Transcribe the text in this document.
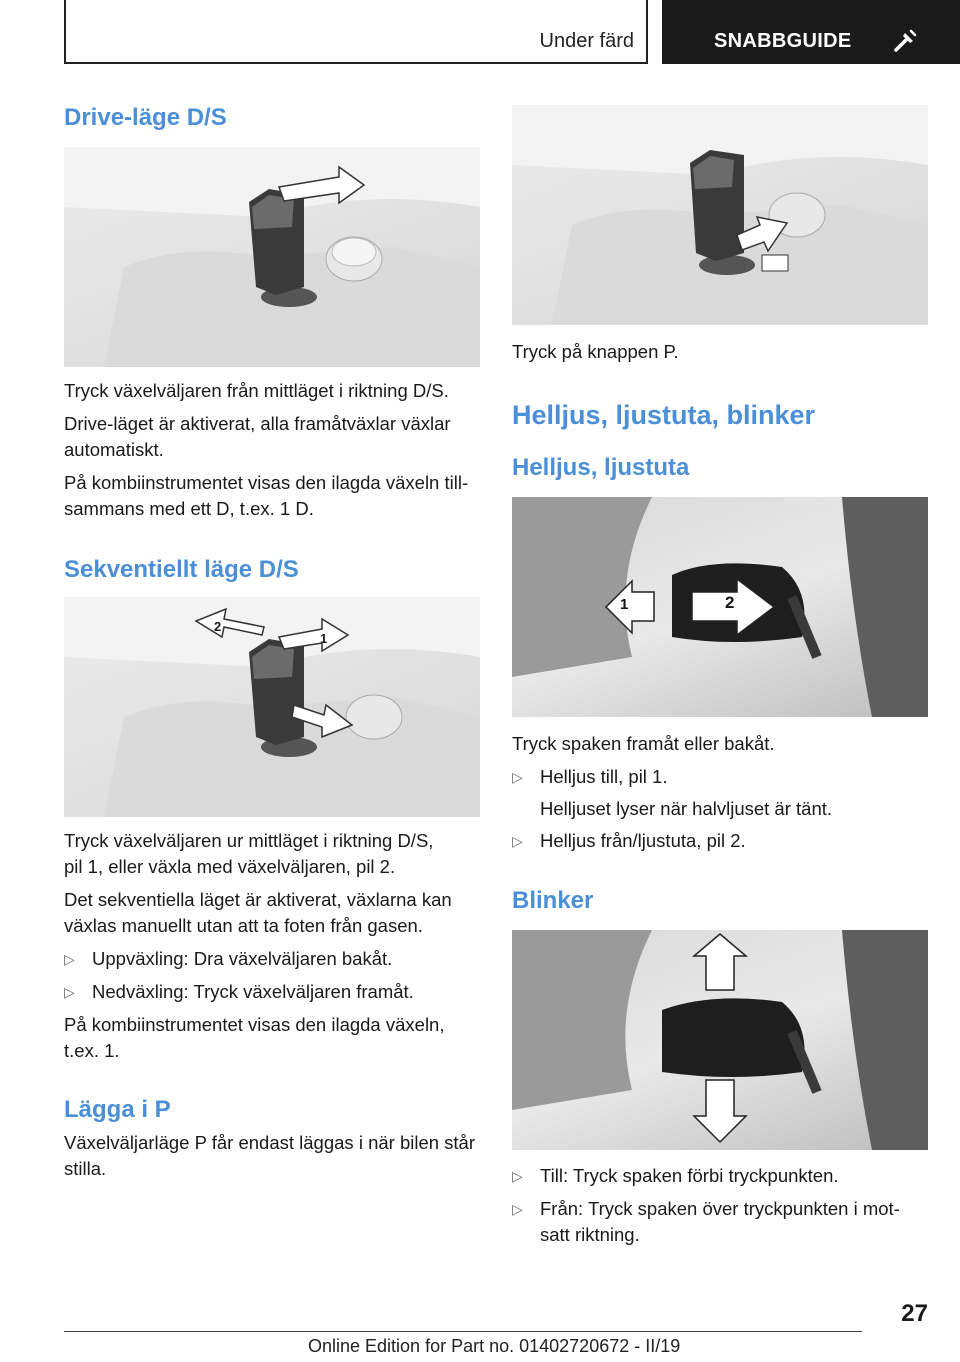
Under färd	SNABBGUIDE
Drive-läge D/S

Tryck växelväljaren från mittläget i riktning D/S.

Drive-läget är aktiverat, alla framåtväxlar växlar

automatiskt.

På kombiinstrumentet visas den ilagda växeln till-

sammans med ett D, t.ex. 1 D.

Sekventiellt läge D/S
1
2

Tryck växelväljaren ur mittläget i riktning D/S,

pil 1, eller växla med växelväljaren, pil 2.

Det sekventiella läget är aktiverat, växlarna kan

växlas manuellt utan att ta foten från gasen.

▷ Uppväxling: Dra växelväljaren bakåt.
▷ Nedväxling: Tryck växelväljaren framåt.

På kombiinstrumentet visas den ilagda växeln,

t.ex. 1.

Lägga i P

Växelväljarläge P får endast läggas i när bilen står

stilla.

Tryck på knappen P.

Helljus, ljustuta, blinker
Helljus, ljustuta
2
1

Tryck spaken framåt eller bakåt.

▷ Helljus till, pil 1.

Helljuset lyser när halvljuset är tänt.

▷ Helljus från/ljustuta, pil 2.
Blinker
▷ Till: Tryck spaken förbi tryckpunkten.
▷ Från: Tryck spaken över tryckpunkten i mot-

satt riktning.

27
Online Edition for Part no. 01402720672 - II/19
